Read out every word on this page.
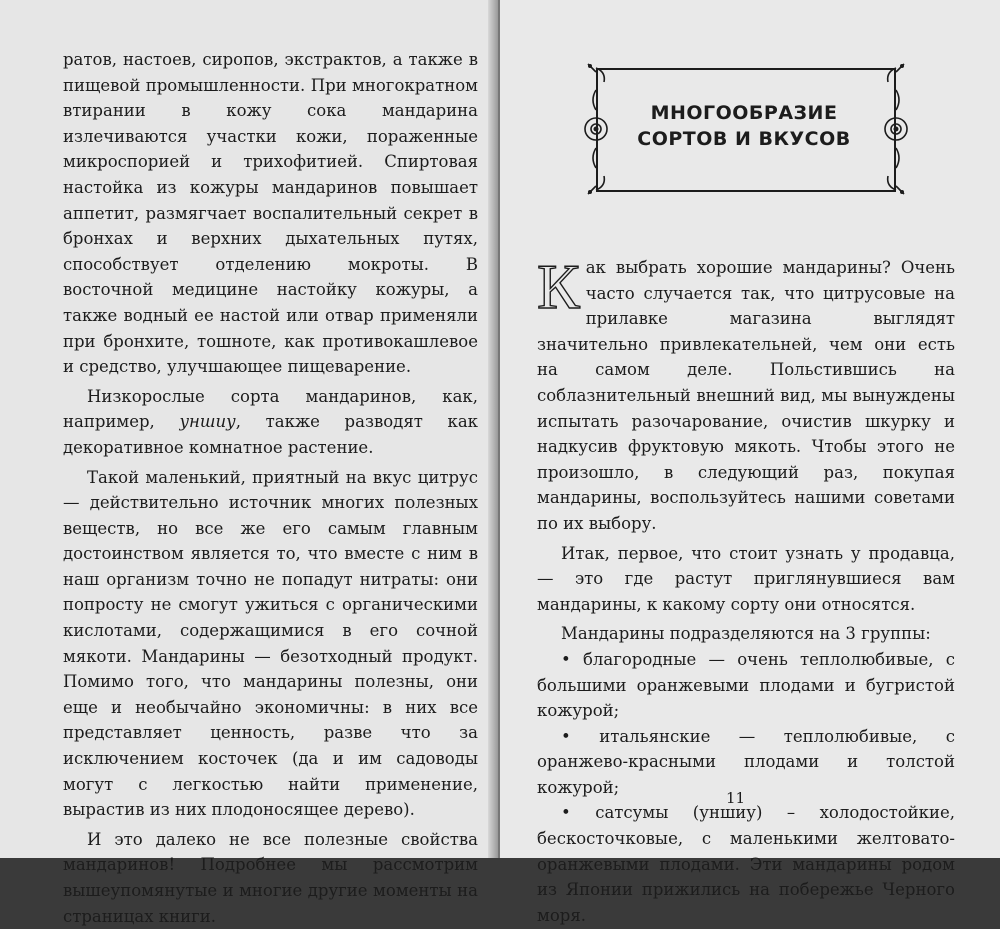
ратов, настоев, сиропов, экстрактов, а также в пищевой промышленности. При многократном втирании в кожу сока мандарина излечиваются участки кожи, пораженные микроспорией и трихофитией. Спиртовая настойка из кожуры мандаринов повышает аппетит, размягчает воспалительный секрет в бронхах и верхних дыхательных путях, способствует отделению мокроты. В восточной медицине настойку кожуры, а также водный ее настой или отвар применяли при бронхите, тошноте, как противокашлевое и средство, улучшающее пищеварение.

Низкорослые сорта мандаринов, как, например, уншиу, также разводят как декоративное комнатное растение.

Такой маленький, приятный на вкус цитрус — действительно источник многих полезных веществ, но все же его самым главным достоинством является то, что вместе с ним в наш организм точно не попадут нитраты: они попросту не смогут ужиться с органическими кислотами, содержащимися в его сочной мякоти. Мандарины — безотходный продукт. Помимо того, что мандарины полезны, они еще и необычайно экономичны: в них все представляет ценность, разве что за исключением косточек (да и им садоводы могут с легкостью найти применение, вырастив из них плодоносящее дерево).

И это далеко не все полезные свойства мандаринов! Подробнее мы рассмотрим вышеупомянутые и многие другие моменты на страницах книги.

МНОГООБРАЗИЕ
СОРТОВ И ВКУСОВ

Как выбрать хорошие мандарины? Очень часто случается так, что цитрусовые на прилавке магазина выглядят значительно привлекательней, чем они есть на самом деле. Польстившись на соблазнительный внешний вид, мы вынуждены испытать разочарование, очистив шкурку и надкусив фруктовую мякоть. Чтобы этого не произошло, в следующий раз, покупая мандарины, воспользуйтесь нашими советами по их выбору.

Итак, первое, что стоит узнать у продавца, — это где растут приглянувшиеся вам мандарины, к какому сорту они относятся.

Мандарины подразделяются на 3 группы:

• благородные — очень теплолюбивые, с большими оранжевыми плодами и бугристой кожурой;

• итальянские — теплолюбивые, с оранжево-красными плодами и толстой кожурой;

• сатсумы (уншиу) – холодостойкие, бескосточковые, с маленькими желтовато-оранжевыми плодами. Эти мандарины родом из Японии прижились на побережье Черного моря.

11
